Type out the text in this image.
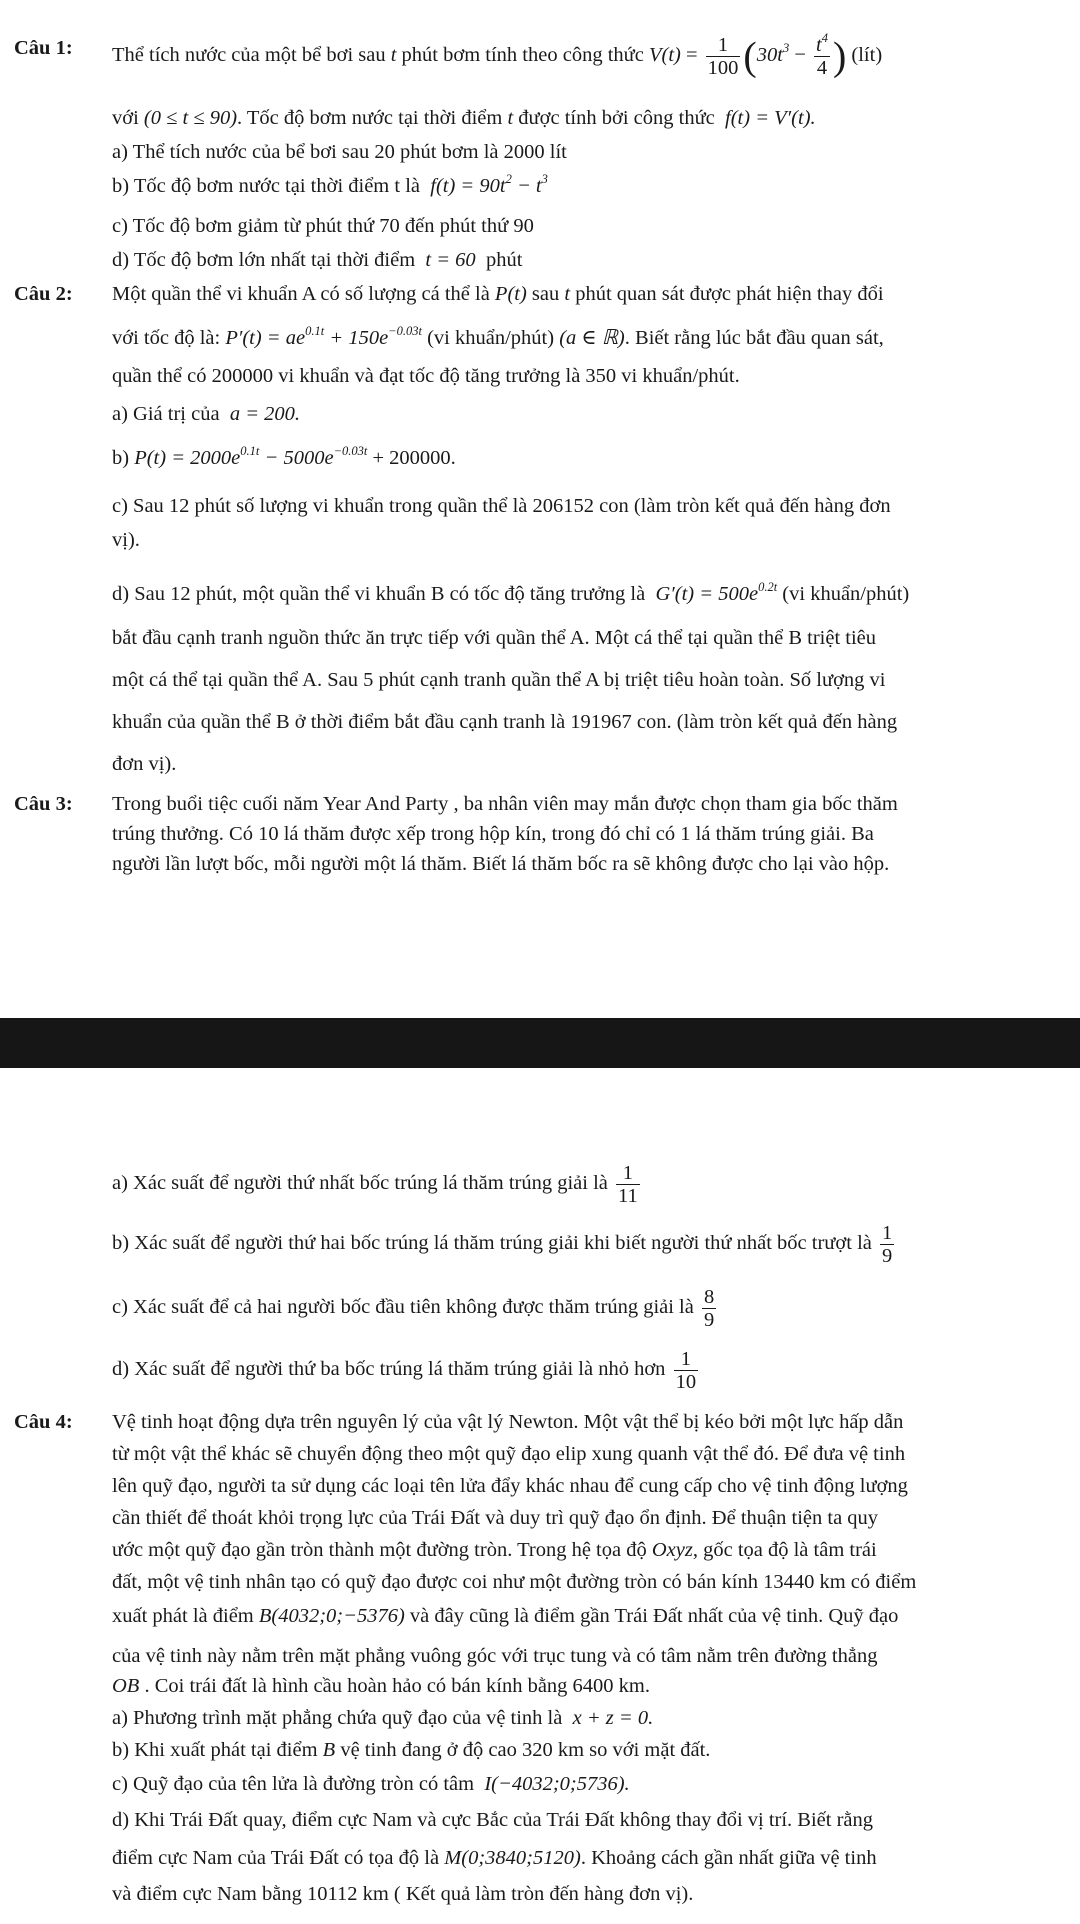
Câu 1: Thể tích nước của một bể bơi sau t phút bơm tính theo công thức $V(t) = \frac{1}{100} (30t^3 - \frac{t^4}{4}$ ) (lít)
với (0 ≤ t ≤ 90). Tốc độ bơm nước tại thời điểm t được tính bởi công thức f(t) = V′(t).
a) Thể tích nước của bể bơi sau 20 phút bơm là 2000 lít
b) Tốc độ bơm nước tại thời điểm t là $f(t) = 90t^2 - t^3$
c) Tốc độ bơm giảm từ phút thứ 70 đến phút thứ 90
d) Tốc độ bơm lớn nhất tại thời điểm t = 60 phút
Câu 2: Một quần thể vi khuẩn A có số lượng cá thể là P(t) sau t phút quan sát được phát hiện thay đổi
với tốc độ là: $P'(t) = ae^{0.1t} + 150e^{-0.03t}$ (vi khuẩn/phút) (a ∈ ℝ). Biết rằng lúc bắt đầu quan sát,
quần thể có 200000 vi khuẩn và đạt tốc độ tăng trưởng là 350 vi khuẩn/phút.
a) Giá trị của a = 200.
b) $P(t) = 2000e^{0.1t} - 5000e^{-0.03t} + 200000$.
c) Sau 12 phút số lượng vi khuẩn trong quần thể là 206152 con (làm tròn kết quả đến hàng đơn
vị).
d) Sau 12 phút, một quần thể vi khuẩn B có tốc độ tăng trưởng là $G'(t) = 500e^{0.2t}$ (vi khuẩn/phút)
bắt đầu cạnh tranh nguồn thức ăn trực tiếp với quần thể A. Một cá thể tại quần thể B triệt tiêu
một cá thể tại quần thể A. Sau 5 phút cạnh tranh quần thể A bị triệt tiêu hoàn toàn. Số lượng vi
khuẩn của quần thể B ở thời điểm bắt đầu cạnh tranh là 191967 con. (làm tròn kết quả đến hàng
đơn vị).
Câu 3: Trong buổi tiệc cuối năm Year And Party , ba nhân viên may mắn được chọn tham gia bốc thăm
trúng thưởng. Có 10 lá thăm được xếp trong hộp kín, trong đó chỉ có 1 lá thăm trúng giải. Ba
người lần lượt bốc, mỗi người một lá thăm. Biết lá thăm bốc ra sẽ không được cho lại vào hộp.
a) Xác suất để người thứ nhất bốc trúng lá thăm trúng giải là $\frac{1}{11}$
b) Xác suất để người thứ hai bốc trúng lá thăm trúng giải khi biết người thứ nhất bốc trượt là $\frac{1}{9}$
c) Xác suất để cả hai người bốc đầu tiên không được thăm trúng giải là $\frac{8}{9}$
d) Xác suất để người thứ ba bốc trúng lá thăm trúng giải là nhỏ hơn $\frac{1}{10}$
Câu 4: Vệ tinh hoạt động dựa trên nguyên lý của vật lý Newton. Một vật thể bị kéo bởi một lực hấp dẫn
từ một vật thể khác sẽ chuyển động theo một quỹ đạo elip xung quanh vật thể đó. Để đưa vệ tinh
lên quỹ đạo, người ta sử dụng các loại tên lửa đẩy khác nhau để cung cấp cho vệ tinh động lượng
cần thiết để thoát khỏi trọng lực của Trái Đất và duy trì quỹ đạo ổn định. Để thuận tiện ta quy
ước một quỹ đạo gần tròn thành một đường tròn. Trong hệ tọa độ Oxyz, gốc tọa độ là tâm trái
đất, một vệ tinh nhân tạo có quỹ đạo được coi như một đường tròn có bán kính 13440 km có điểm
xuất phát là điểm B(4032;0;−5376) và đây cũng là điểm gần Trái Đất nhất của vệ tinh. Quỹ đạo
của vệ tinh này nằm trên mặt phẳng vuông góc với trục tung và có tâm nằm trên đường thẳng
OB . Coi trái đất là hình cầu hoàn hảo có bán kính bằng 6400 km.
a) Phương trình mặt phẳng chứa quỹ đạo của vệ tinh là x + z = 0.
b) Khi xuất phát tại điểm B vệ tinh đang ở độ cao 320 km so với mặt đất.
c) Quỹ đạo của tên lửa là đường tròn có tâm I(−4032;0;5736).
d) Khi Trái Đất quay, điểm cực Nam và cực Bắc của Trái Đất không thay đổi vị trí. Biết rằng
điểm cực Nam của Trái Đất có tọa độ là M(0;3840;5120). Khoảng cách gần nhất giữa vệ tinh
và điểm cực Nam bằng 10112 km ( Kết quả làm tròn đến hàng đơn vị).
